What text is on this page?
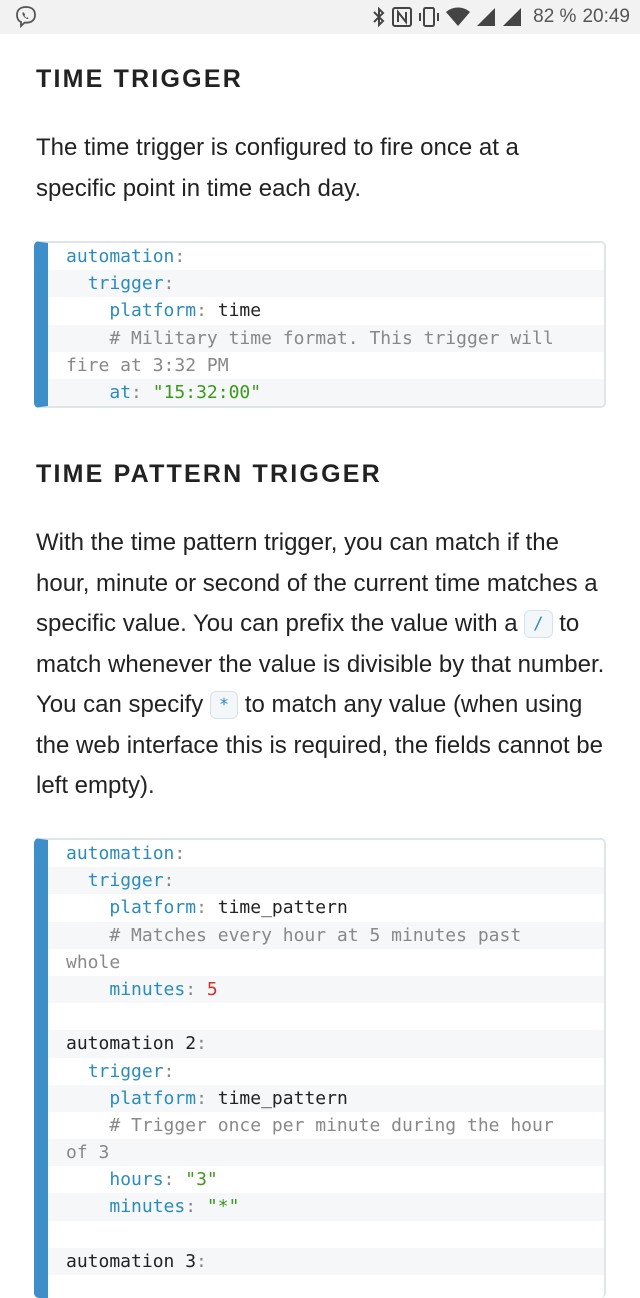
82 % 20:49
TIME TRIGGER

The time trigger is configured to fire once at a specific point in time each day.

automation:
trigger:
platform: time
# Military time format. This trigger will
fire at 3:32 PM
at: "15:32:00"
TIME PATTERN TRIGGER

With the time pattern trigger, you can match if the hour, minute or second of the current time matches a specific value. You can prefix the value with a / to match whenever the value is divisible by that number. You can specify * to match any value (when using the web interface this is required, the fields cannot be left empty).

automation:
trigger:
platform: time_pattern
# Matches every hour at 5 minutes past
whole
minutes: 5
automation 2:
trigger:
platform: time_pattern
# Trigger once per minute during the hour
of 3
hours: "3"
minutes: "*"
automation 3:
